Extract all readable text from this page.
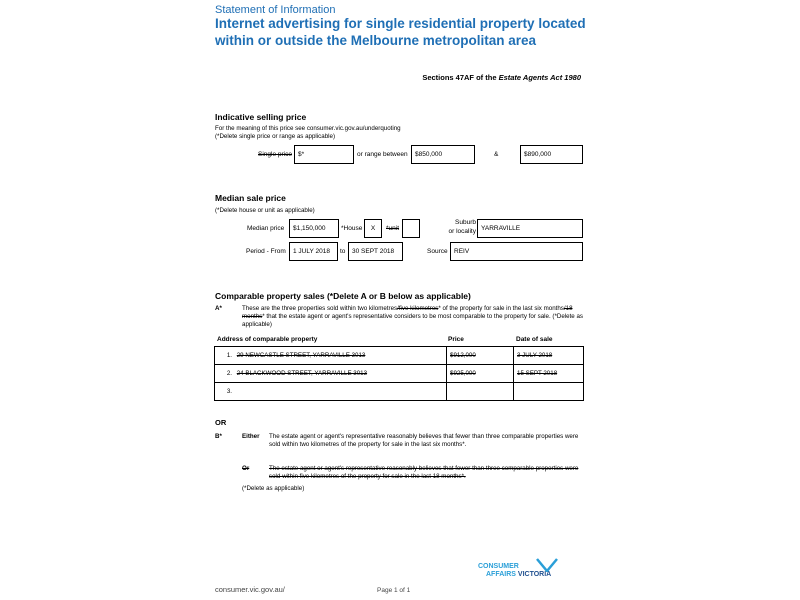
Statement of Information
Internet advertising for single residential property located within or outside the Melbourne metropolitan area
Sections 47AF of the Estate Agents Act 1980
Indicative selling price
For the meaning of this price see consumer.vic.gov.au/underquoting
(*Delete single price or range as applicable)
Single price $*	or range between	$850,000	&	$890,000
Median sale price
(*Delete house or unit as applicable)
Median price	$1,150,000	*House	X	*unit
Suburb
or locality YARRAVILLE
Period - From	1 JULY 2018	to	30 SEPT 2018	Source REIV
Comparable property sales (*Delete A or B below as applicable)
A*	These are the three properties sold within two kilometres/five kilometres* of the property for sale in the last six months/18 months* that the estate agent or agent's representative considers to be most comparable to the property for sale. (*Delete as applicable)
Address of comparable property	Price	Date of sale
1. 29 NEWCASTLE STREET, YARRAVILLE 3013	$912,000	3 JULY 2018
2. 24 BLACKWOOD STREET, YARRAVILLE 3013	$925,000	15 SEPT 2018
3.		
OR
B*	Either The estate agent or agent's representative reasonably believes that fewer than three comparable properties were sold within two kilometres of the property for sale in the last six months*.
Or	The estate agent or agent's representative reasonably believes that fewer than three comparable properties were sold within five kilometres of the property for sale in the last 18 months*.
(*Delete as applicable)
CONSUMER
AFFAIRS VICTORIA
consumer.vic.gov.au/	Page 1 of 1
